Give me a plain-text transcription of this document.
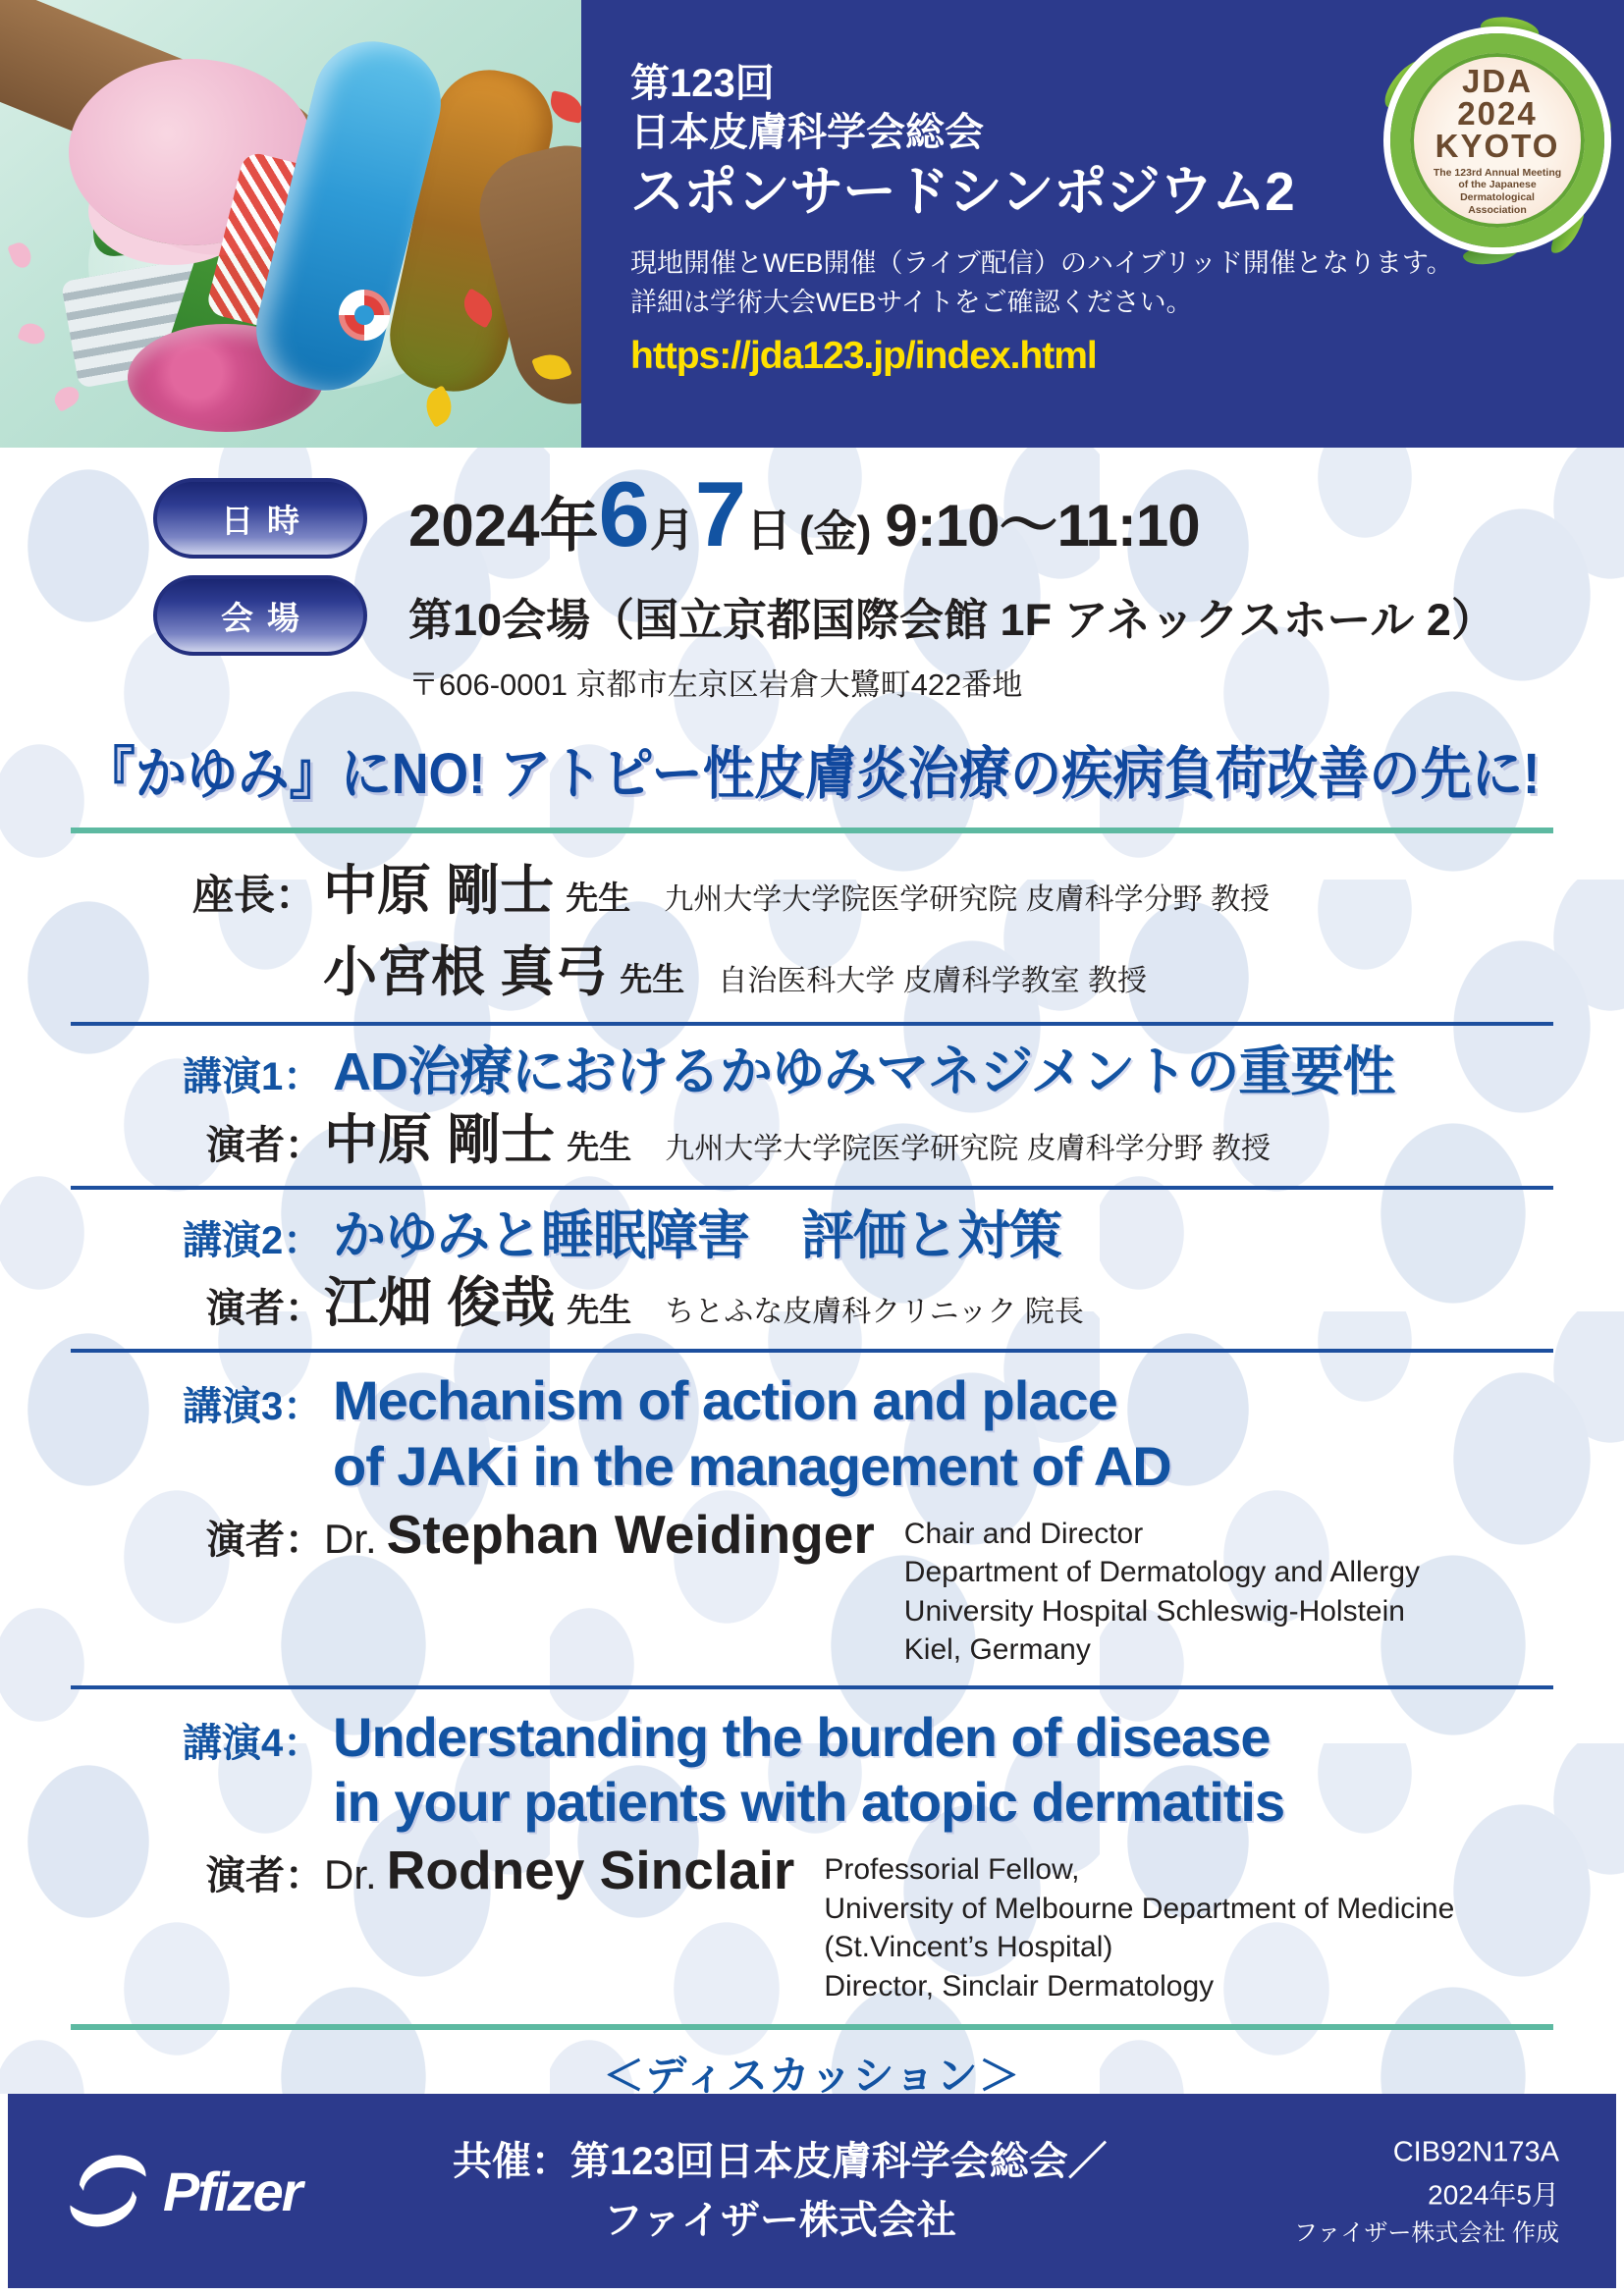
第123回
日本皮膚科学会総会
スポンサードシンポジウム2
現地開催とWEB開催（ライブ配信）のハイブリッド開催となります。
詳細は学術大会WEBサイトをご確認ください。
https://jda123.jp/index.html
JDA
2024
KYOTO
The 123rd Annual Meeting of the Japanese Dermatological Association
日時	2024年 6 月 7 日 (金) 9:10～11:10
会場	第10会場（国立京都国際会館 1F アネックスホール 2）
〒606-0001 京都市左京区岩倉大鷺町422番地
『かゆみ』にNO! アトピー性皮膚炎治療の疾病負荷改善の先に!
座長： 中原 剛士 先生 九州大学大学院医学研究院 皮膚科学分野 教授
小宮根 真弓 先生 自治医科大学 皮膚科学教室 教授
講演1： AD治療におけるかゆみマネジメントの重要性
演者： 中原 剛士 先生 九州大学大学院医学研究院 皮膚科学分野 教授
講演2： かゆみと睡眠障害　評価と対策
演者： 江畑 俊哉 先生 ちとふな皮膚科クリニック 院長
講演3： Mechanism of action and place
of JAKi in the management of AD
演者： Dr. Stephan Weidinger Chair and Director
Department of Dermatology and Allergy
University Hospital Schleswig-Holstein
Kiel, Germany
講演4： Understanding the burden of disease
in your patients with atopic dermatitis
演者： Dr. Rodney Sinclair Professorial Fellow,
University of Melbourne Department of Medicine
(St.Vincent’s Hospital)
Director, Sinclair Dermatology
＜ディスカッション＞
Pfizer	共催：第123回日本皮膚科学会総会／
ファイザー株式会社
CIB92N173A
2024年5月
ファイザー株式会社 作成
